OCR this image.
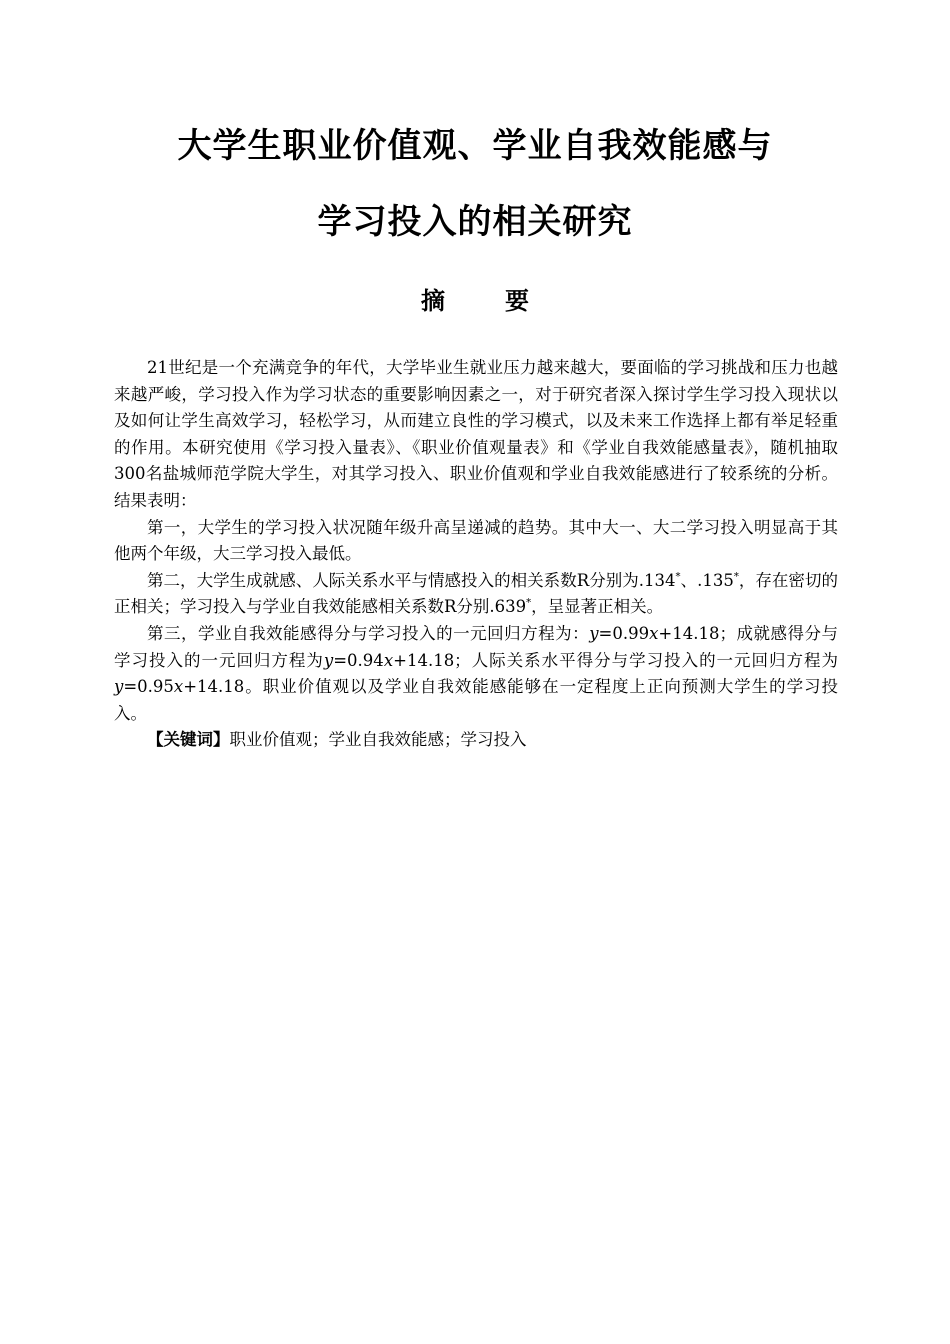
大学生职业价值观、学业自我效能感与
学习投入的相关研究
摘要

21世纪是一个充满竞争的年代，大学毕业生就业压力越来越大，要面临的学习挑战和压力也越来越严峻，学习投入作为学习状态的重要影响因素之一，对于研究者深入探讨学生学习投入现状以及如何让学生高效学习，轻松学习，从而建立良性的学习模式，以及未来工作选择上都有举足轻重的作用。本研究使用《学习投入量表》、《职业价值观量表》和《学业自我效能感量表》，随机抽取300名盐城师范学院大学生，对其学习投入、职业价值观和学业自我效能感进行了较系统的分析。结果表明：

第一，大学生的学习投入状况随年级升高呈递减的趋势。其中大一、大二学习投入明显高于其他两个年级，大三学习投入最低。

第二，大学生成就感、人际关系水平与情感投入的相关系数R分别为.134*、.135*，存在密切的正相关；学习投入与学业自我效能感相关系数R分别.639*，呈显著正相关。

第三，学业自我效能感得分与学习投入的一元回归方程为：y=0.99x+14.18；成就感得分与学习投入的一元回归方程为y=0.94x+14.18；人际关系水平得分与学习投入的一元回归方程为y=0.95x+14.18。职业价值观以及学业自我效能感能够在一定程度上正向预测大学生的学习投入。

【关键词】职业价值观；学业自我效能感；学习投入
